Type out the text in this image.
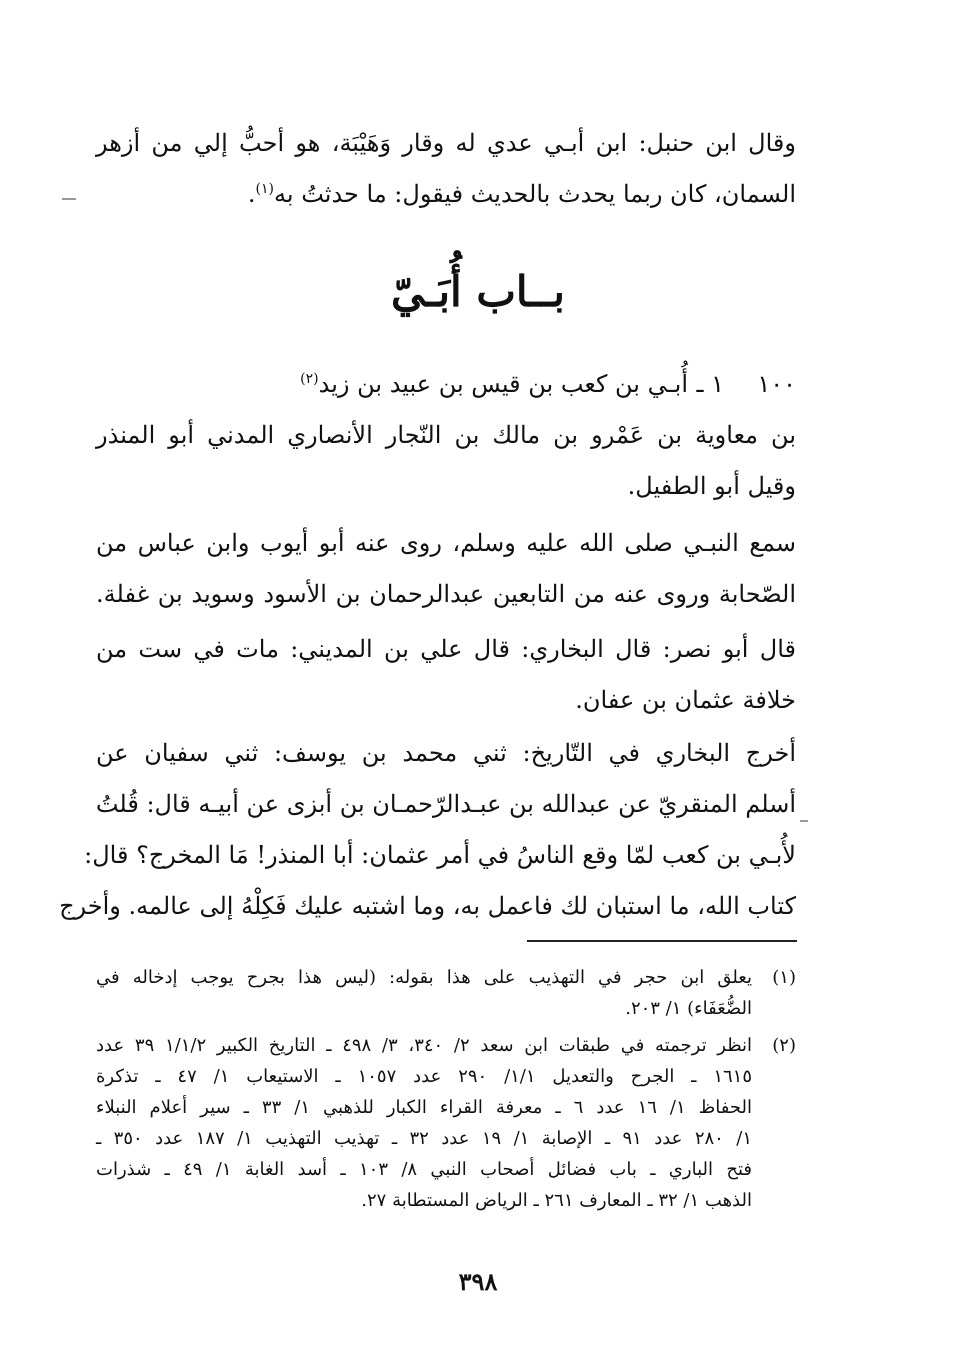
وقال ابن حنبل: ابن أبـي عدي له وقار وَهَيْبَة، هو أحبُّ إلي من أزهر
السمان، كان ربما يحدث بالحديث فيقول: ما حدثتُ به$^{(١)}$.
بــاب أُبَـيّ
١٠٠
١ ـ
أُبـي بن كعب بن قيس بن عبيد بن زيد$^{(٢)}$
بن معاوية بن عَمْرو بن مالك بن النّجار الأنصاري المدني أبو المنذر
وقيل أبو الطفيل.
سمع النبـي صلى الله عليه وسلم، روى عنه أبو أيوب وابن عباس من
الصّحابة وروى عنه من التابعين عبدالرحمان بن الأسود وسويد بن غفلة.
قال أبو نصر: قال البخاري: قال علي بن المديني: مات في ست من
خلافة عثمان بن عفان.
أخرج البخاري في التّاريخ: ثني محمد بن يوسف: ثني سفيان عن
أسلم المنقريّ عن عبدالله بن عبـدالرّحمـان بن أبزى عن أبيـه قال: قُلتُ
لأُبـي بن كعب لمّا وقع الناسُ في أمر عثمان: أبا المنذر! مَا المخرج؟ قال:
كتاب الله، ما استبان لك فاعمل به، وما اشتبه عليك فَكِلْهُ إلى عالمه. وأخرج
(١)
يعلق ابن حجر في التهذيب على هذا بقوله: (ليس هذا بجرح يوجب إدخاله في
الضُّعَفَاء) ١/ ٢٠٣.
(٢)
انظر ترجمته في طبقات ابن سعد ٢/ ٣٤٠، ٣/ ٤٩٨ ـ التاريخ الكبير ١/١/٢ ٣٩ عدد
١٦١٥ ـ الجرح والتعديل ١/١/ ٢٩٠ عدد ١٠٥٧ ـ الاستيعاب ١/ ٤٧ ـ تذكرة
الحفاظ ١/ ١٦ عدد ٦ ـ معرفة القراء الكبار للذهبي ١/ ٣٣ ـ سير أعلام النبلاء
١/ ٢٨٠ عدد ٩١ ـ الإصابة ١/ ١٩ عدد ٣٢ ـ تهذيب التهذيب ١/ ١٨٧ عدد ٣٥٠ ـ
فتح الباري ـ باب فضائل أصحاب النبي ٨/ ١٠٣ ـ أسد الغابة ١/ ٤٩ ـ شذرات
الذهب ١/ ٣٢ ـ المعارف ٢٦١ ـ الرياض المستطابة ٢٧.
٣٩٨
